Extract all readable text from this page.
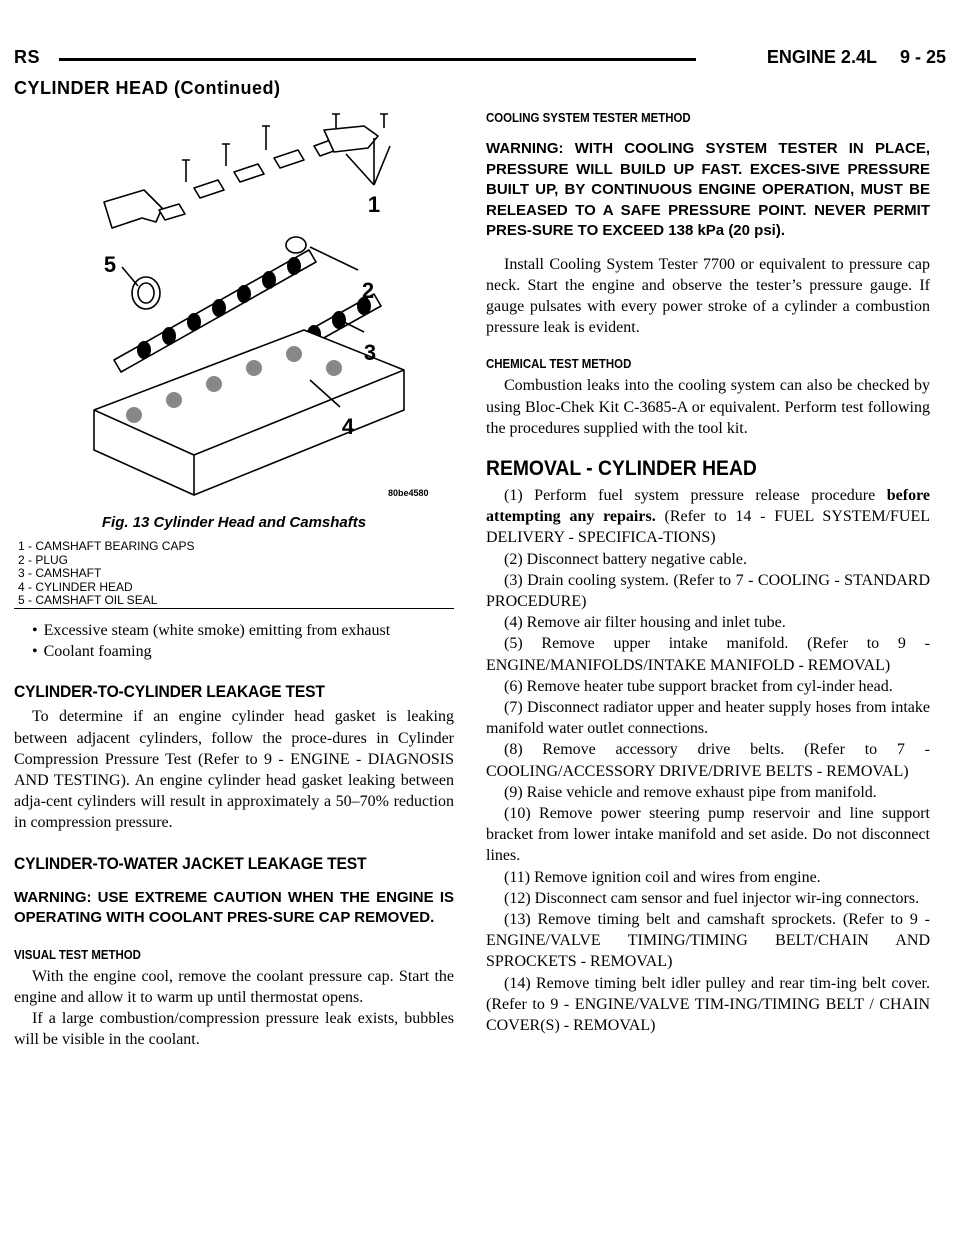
RS	ENGINE 2.4L 9 - 25
CYLINDER HEAD (Continued)
1
2
3
4
5
80be4580
Fig. 13 Cylinder Head and Camshafts
1 - CAMSHAFT BEARING CAPS
2 - PLUG
3 - CAMSHAFT
4 - CYLINDER HEAD
5 - CAMSHAFT OIL SEAL

• Excessive steam (white smoke) emitting from exhaust

• Coolant foaming

CYLINDER-TO-CYLINDER LEAKAGE TEST

To determine if an engine cylinder head gasket is leaking between adjacent cylinders, follow the proce-dures in Cylinder Compression Pressure Test (Refer to 9 - ENGINE - DIAGNOSIS AND TESTING). An engine cylinder head gasket leaking between adja-cent cylinders will result in approximately a 50–70% reduction in compression pressure.

CYLINDER-TO-WATER JACKET LEAKAGE TEST
WARNING: USE EXTREME CAUTION WHEN THE ENGINE IS OPERATING WITH COOLANT PRES-SURE CAP REMOVED.
VISUAL TEST METHOD

With the engine cool, remove the coolant pressure cap. Start the engine and allow it to warm up until thermostat opens.

If a large combustion/compression pressure leak exists, bubbles will be visible in the coolant.

COOLING SYSTEM TESTER METHOD
WARNING: WITH COOLING SYSTEM TESTER IN PLACE, PRESSURE WILL BUILD UP FAST. EXCES-SIVE PRESSURE BUILT UP, BY CONTINUOUS ENGINE OPERATION, MUST BE RELEASED TO A SAFE PRESSURE POINT. NEVER PERMIT PRES-SURE TO EXCEED 138 kPa (20 psi).

Install Cooling System Tester 7700 or equivalent to pressure cap neck. Start the engine and observe the tester’s pressure gauge. If gauge pulsates with every power stroke of a cylinder a combustion pressure leak is evident.

CHEMICAL TEST METHOD

Combustion leaks into the cooling system can also be checked by using Bloc-Chek Kit C-3685-A or equivalent. Perform test following the procedures supplied with the tool kit.

REMOVAL - CYLINDER HEAD

(1) Perform fuel system pressure release procedure before attempting any repairs. (Refer to 14 - FUEL SYSTEM/FUEL DELIVERY - SPECIFICA-TIONS)

(2) Disconnect battery negative cable.

(3) Drain cooling system. (Refer to 7 - COOLING - STANDARD PROCEDURE)

(4) Remove air filter housing and inlet tube.

(5) Remove upper intake manifold. (Refer to 9 - ENGINE/MANIFOLDS/INTAKE MANIFOLD - REMOVAL)

(6) Remove heater tube support bracket from cyl-inder head.

(7) Disconnect radiator upper and heater supply hoses from intake manifold water outlet connections.

(8) Remove accessory drive belts. (Refer to 7 - COOLING/ACCESSORY DRIVE/DRIVE BELTS - REMOVAL)

(9) Raise vehicle and remove exhaust pipe from manifold.

(10) Remove power steering pump reservoir and line support bracket from lower intake manifold and set aside. Do not disconnect lines.

(11) Remove ignition coil and wires from engine.

(12) Disconnect cam sensor and fuel injector wir-ing connectors.

(13) Remove timing belt and camshaft sprockets. (Refer to 9 - ENGINE/VALVE TIMING/TIMING BELT/CHAIN AND SPROCKETS - REMOVAL)

(14) Remove timing belt idler pulley and rear tim-ing belt cover. (Refer to 9 - ENGINE/VALVE TIM-ING/TIMING BELT / CHAIN COVER(S) - REMOVAL)
